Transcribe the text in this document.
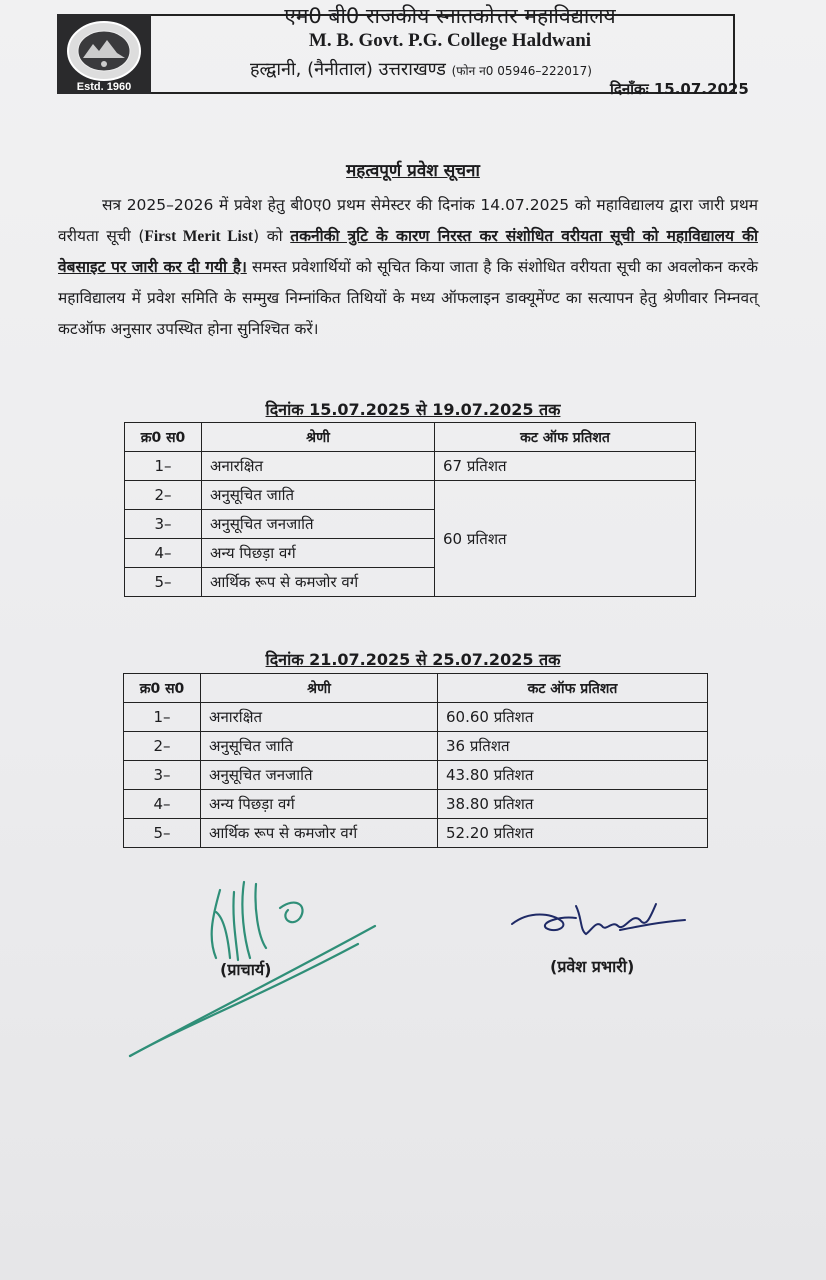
Estd. 1960
एम0 बी0 राजकीय स्नातकोत्तर महाविद्यालय
M. B. Govt. P.G. College Haldwani
हल्द्वानी, (नैनीताल) उत्तराखण्ड (फोन न0 05946–222017)
दिनाँकः 15.07.2025
महत्वपूर्ण प्रवेश सूचना
सत्र 2025–2026 में प्रवेश हेतु बी0ए0 प्रथम सेमेस्टर की दिनांक 14.07.2025 को महाविद्यालय द्वारा जारी प्रथम वरीयता सूची (First Merit List) को तकनीकी त्रुटि के कारण निरस्त कर संशोधित वरीयता सूची को महाविद्यालय की वेबसाइट पर जारी कर दी गयी है। समस्त प्रवेशार्थियों को सूचित किया जाता है कि संशोधित वरीयता सूची का अवलोकन करके महाविद्यालय में प्रवेश समिति के सम्मुख निम्नांकित तिथियों के मध्य ऑफलाइन डाक्यूमेंण्ट का सत्यापन हेतु श्रेणीवार निम्नवत् कटऑफ अनुसार उपस्थित होना सुनिश्चित करें।
दिनांक 15.07.2025 से 19.07.2025 तक
क्र0 स0	श्रेणी	कट ऑफ प्रतिशत
1–	अनारक्षित	67 प्रतिशत
2–	अनुसूचित जाति	60 प्रतिशत
3–	अनुसूचित जनजाति	
4–	अन्य पिछड़ा वर्ग	
5–	आर्थिक रूप से कमजोर वर्ग	
दिनांक 21.07.2025 से 25.07.2025 तक
क्र0 स0	श्रेणी	कट ऑफ प्रतिशत
1–	अनारक्षित	60.60 प्रतिशत
2–	अनुसूचित जाति	36 प्रतिशत
3–	अनुसूचित जनजाति	43.80 प्रतिशत
4–	अन्य पिछड़ा वर्ग	38.80 प्रतिशत
5–	आर्थिक रूप से कमजोर वर्ग	52.20 प्रतिशत
(प्राचार्य)	(प्रवेश प्रभारी)
